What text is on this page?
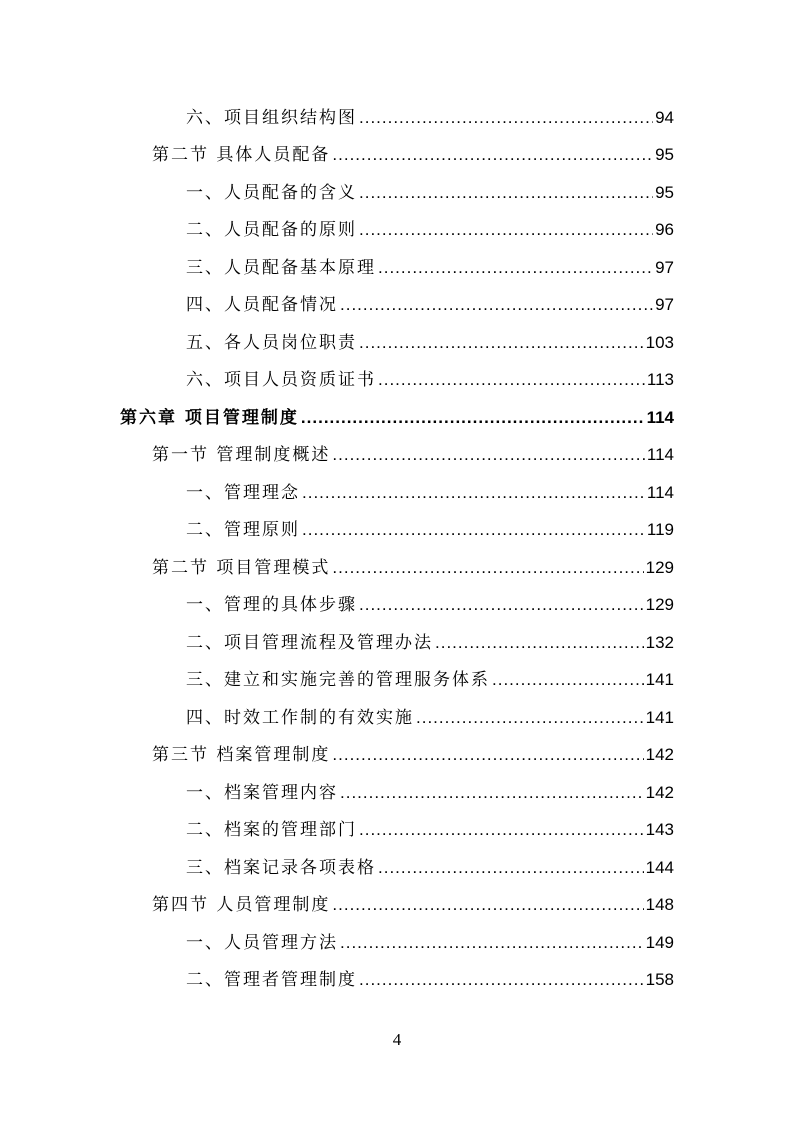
六、项目组织结构图 .....	94
第二节 具体人员配备 .....	95
一、人员配备的含义 .....	95
二、人员配备的原则 .....	96
三、人员配备基本原理 .....	97
四、人员配备情况 .....	97
五、各人员岗位职责 .....	103
六、项目人员资质证书 .....	113
第六章 项目管理制度 .....	114
第一节 管理制度概述 .....	114
一、管理理念 .....	114
二、管理原则 .....	119
第二节 项目管理模式 .....	129
一、管理的具体步骤 .....	129
二、项目管理流程及管理办法 .....	132
三、建立和实施完善的管理服务体系 .....	141
四、时效工作制的有效实施 .....	141
第三节 档案管理制度 .....	142
一、档案管理内容 .....	142
二、档案的管理部门 .....	143
三、档案记录各项表格 .....	144
第四节 人员管理制度 .....	148
一、人员管理方法 .....	149
二、管理者管理制度 .....	158
4
